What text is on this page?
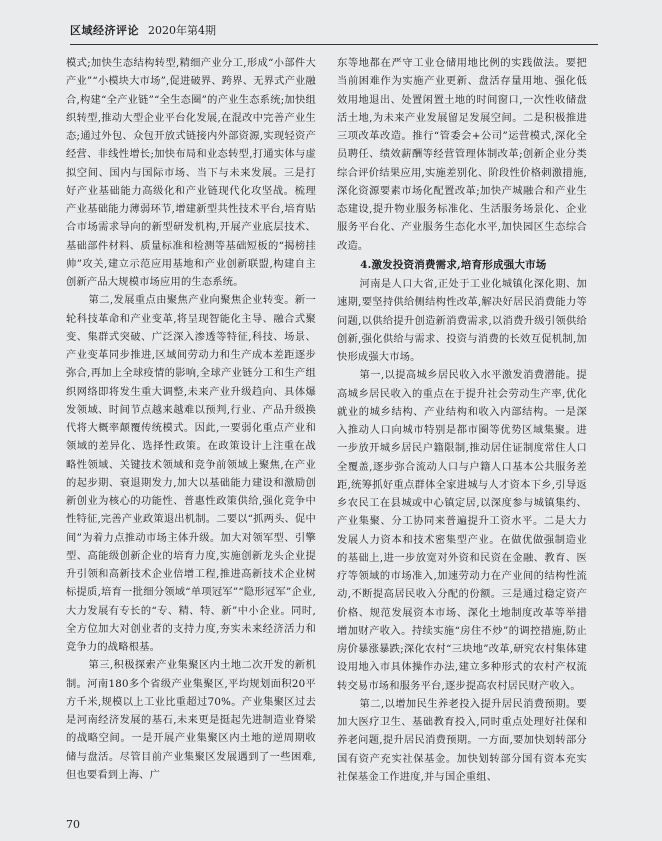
区域经济评论 2020年第4期

模式;加快生态结构转型,精细产业分工,形成“小部件大产业”“小模块大市场”,促进破界、跨界、无界式产业融合,构建“全产业链”“全生态圈”的产业生态系统;加快组织转型,推动大型企业平台化发展,在混改中完善产业生态;通过外包、众包开放式链接内外部资源,实现轻资产经营、非线性增长;加快布局和业态转型,打通实体与虚拟空间、国内与国际市场、当下与未来发展。三是打好产业基础能力高级化和产业链现代化攻坚战。梳理产业基础能力薄弱环节,增建新型共性技术平台,培育贴合市场需求导向的新型研发机构,开展产业底层技术、基础部件材料、质量标准和检测等基础短板的“揭榜挂帅”攻关,建立示范应用基地和产业创新联盟,构建自主创新产品大规模市场应用的生态系统。

第二,发展重点由聚焦产业向聚焦企业转变。新一轮科技革命和产业变革,将呈现智能化主导、融合式聚变、集群式突破、广泛深入渗透等特征,科技、场景、产业变革同步推进,区域间劳动力和生产成本差距逐步弥合,再加上全球疫情的影响,全球产业链分工和生产组织网络即将发生重大调整,未来产业升级趋向、具体爆发领域、时间节点越来越难以预判,行业、产品升级换代将大概率颠覆传统模式。因此,一要弱化重点产业和领域的差异化、选择性政策。在政策设计上注重在战略性领域、关键技术领域和竞争前领域上聚焦,在产业的起步期、衰退期发力,加大以基础能力建设和激励创新创业为核心的功能性、普惠性政策供给,强化竞争中性特征,完善产业政策退出机制。二要以“抓两头、促中间”为着力点推动市场主体升级。加大对领军型、引擎型、高能级创新企业的培育力度,实施创新龙头企业提升引领和高新技术企业倍增工程,推进高新技术企业树标提质,培育一批细分领域“单项冠军”“隐形冠军”企业,大力发展有专长的“专、精、特、新”中小企业。同时,全方位加大对创业者的支持力度,夯实未来经济活力和竞争力的战略根基。

第三,积极探索产业集聚区内土地二次开发的新机制。河南180多个省级产业集聚区,平均规划面积20平方千米,规模以上工业比重超过70%。产业集聚区过去是河南经济发展的基石,未来更是挺起先进制造业脊梁的战略空间。一是开展产业集聚区内土地的逆周期收储与盘活。尽管目前产业集聚区发展遇到了一些困难,但也要看到上海、广

东等地都在严守工业仓储用地比例的实践做法。要把当前困难作为实施产业更新、盘活存量用地、强化低效用地退出、处置闲置土地的时间窗口,一次性收储盘活土地,为未来产业发展留足发展空间。二是积极推进三项改革改造。推行“管委会+公司”运营模式,深化全员聘任、绩效薪酬等经营管理体制改革;创新企业分类综合评价结果应用,实施差别化、阶段性价格刺激措施,深化资源要素市场化配置改革;加快产城融合和产业生态建设,提升物业服务标准化、生活服务场景化、企业服务平台化、产业服务生态化水平,加快园区生态综合改造。

4.激发投资消费需求,培育形成强大市场

河南是人口大省,正处于工业化城镇化深化期、加速期,要坚持供给侧结构性改革,解决好居民消费能力等问题,以供给提升创造新消费需求,以消费升级引领供给创新,强化供给与需求、投资与消费的长效互促机制,加快形成强大市场。

第一,以提高城乡居民收入水平激发消费潜能。提高城乡居民收入的重点在于提升社会劳动生产率,优化就业的城乡结构、产业结构和收入内部结构。一是深入推动人口向城市特别是都市圈等优势区域集聚。进一步放开城乡居民户籍限制,推动居住证制度常住人口全覆盖,逐步弥合流动人口与户籍人口基本公共服务差距,统筹抓好重点群体全家进城与人才资本下乡,引导返乡农民工在县城或中心镇定居,以深度参与城镇集约、产业集聚、分工协同来普遍提升工资水平。二是大力发展人力资本和技术密集型产业。在做优做强制造业的基础上,进一步放宽对外资和民资在金融、教育、医疗等领域的市场准入,加速劳动力在产业间的结构性流动,不断提高居民收入分配的份额。三是通过稳定资产价格、规范发展资本市场、深化土地制度改革等举措增加财产收入。持续实施“房住不炒”的调控措施,防止房价暴涨暴跌;深化农村“三块地”改革,研究农村集体建设用地入市具体操作办法,建立多种形式的农村产权流转交易市场和服务平台,逐步提高农村居民财产收入。

第二,以增加民生养老投入提升居民消费预期。要加大医疗卫生、基础教育投入,同时重点处理好社保和养老问题,提升居民消费预期。一方面,要加快划转部分国有资产充实社保基金。加快划转部分国有资本充实社保基金工作进度,并与国企重组、

70
